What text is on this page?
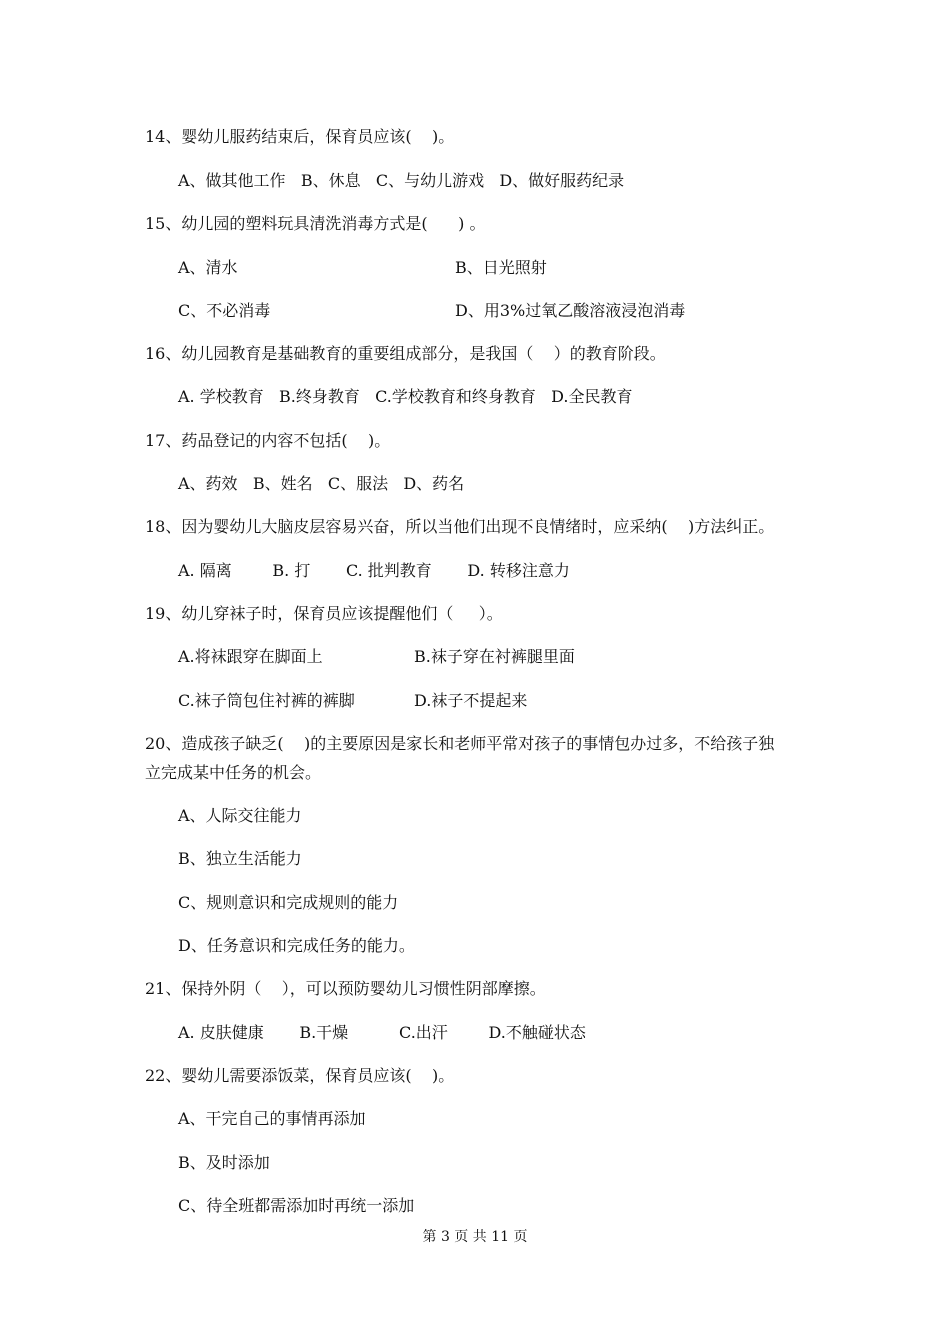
14、婴幼儿服药结束后，保育员应该(    )。
A、做其他工作   B、休息   C、与幼儿游戏   D、做好服药纪录
15、幼儿园的塑料玩具清洗消毒方式是(      ) 。
A、清水	B、日光照射
C、不必消毒	D、用3%过氧乙酸溶液浸泡消毒
16、幼儿园教育是基础教育的重要组成部分，是我国（    ）的教育阶段。
A. 学校教育   B.终身教育   C.学校教育和终身教育   D.全民教育
17、药品登记的内容不包括(    )。
A、药效   B、姓名   C、服法   D、药名
18、因为婴幼儿大脑皮层容易兴奋，所以当他们出现不良情绪时，应采纳(    )方法纠正。
A. 隔离        B. 打       C. 批判教育       D. 转移注意力
19、幼儿穿袜子时，保育员应该提醒他们（     ）。
A.将袜跟穿在脚面上	B.袜子穿在衬裤腿里面
C.袜子筒包住衬裤的裤脚	D.袜子不提起来
20、造成孩子缺乏(    )的主要原因是家长和老师平常对孩子的事情包办过多，不给孩子独
立完成某中任务的机会。
A、人际交往能力
B、独立生活能力
C、规则意识和完成规则的能力
D、任务意识和完成任务的能力。
21、保持外阴（    ），可以预防婴幼儿习惯性阴部摩擦。
A. 皮肤健康       B.干燥          C.出汗        D.不触碰状态
22、婴幼儿需要添饭菜，保育员应该(    )。
A、干完自己的事情再添加
B、及时添加
C、待全班都需添加时再统一添加
第 3 页 共 11 页
